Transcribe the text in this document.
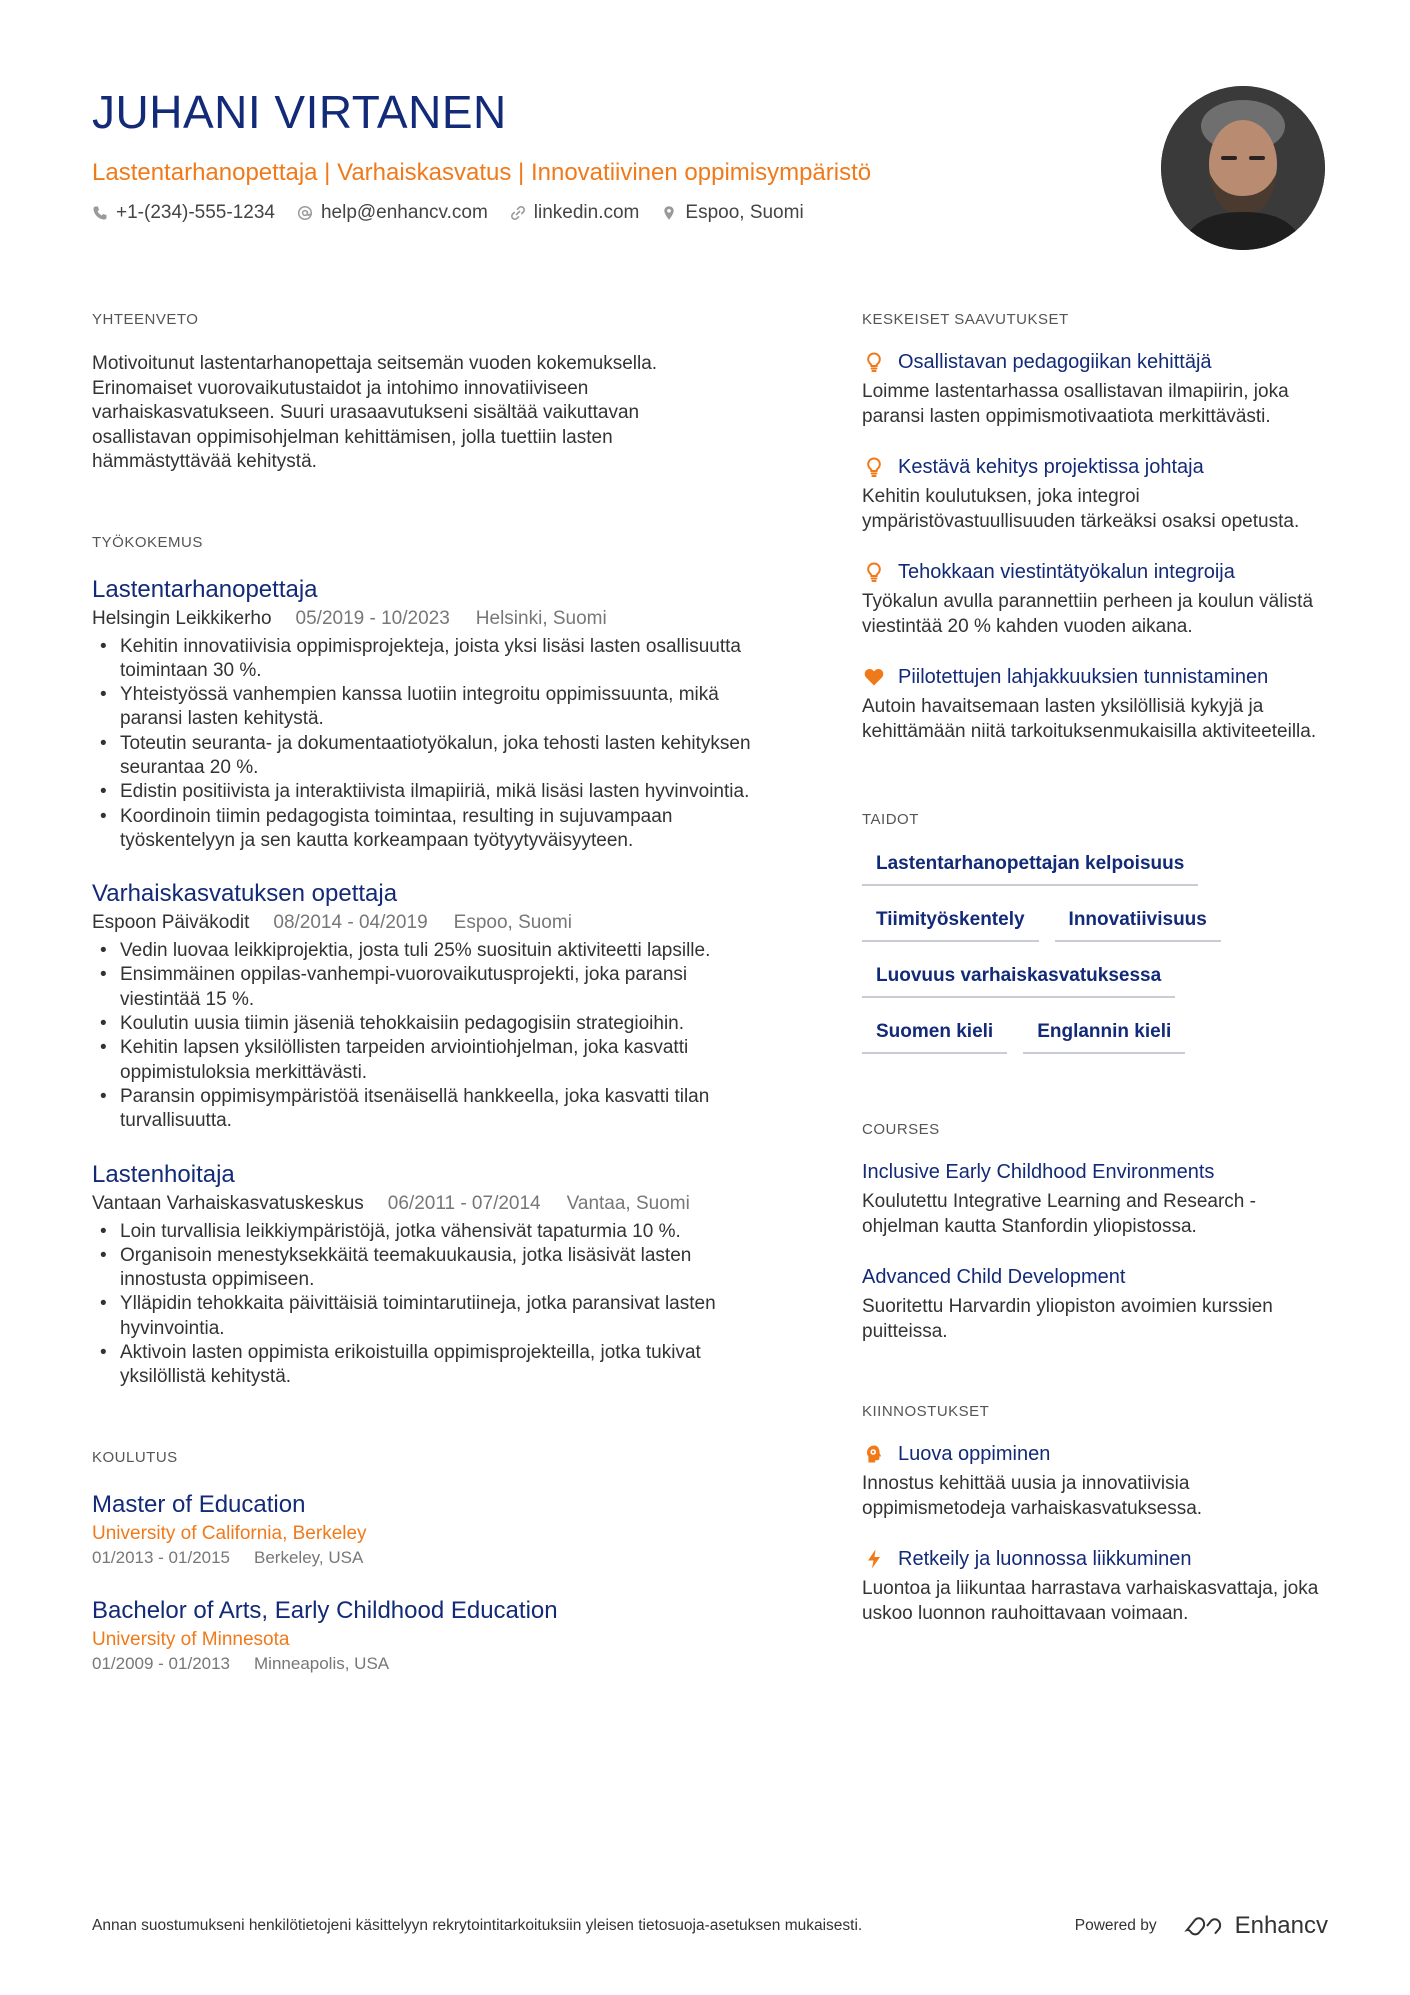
JUHANI VIRTANEN
Lastentarhanopettaja | Varhaiskasvatus | Innovatiivinen oppimisympäristö
+1-(234)-555-1234 help@enhancv.com linkedin.com Espoo, Suomi
YHTEENVETO

Motivoitunut lastentarhanopettaja seitsemän vuoden kokemuksella. Erinomaiset vuorovaikutustaidot ja intohimo innovatiiviseen varhaiskasvatukseen. Suuri urasaavutukseni sisältää vaikuttavan osallistavan oppimisohjelman kehittämisen, jolla tuettiin lasten hämmästyttävää kehitystä.

TYÖKOKEMUS
Lastentarhanopettaja
Helsingin Leikkikerho 05/2019 - 10/2023 Helsinki, Suomi
• Kehitin innovatiivisia oppimisprojekteja, joista yksi lisäsi lasten osallisuutta toimintaan 30 %.
• Yhteistyössä vanhempien kanssa luotiin integroitu oppimissuunta, mikä paransi lasten kehitystä.
• Toteutin seuranta- ja dokumentaatiotyökalun, joka tehosti lasten kehityksen seurantaa 20 %.
• Edistin positiivista ja interaktiivista ilmapiiriä, mikä lisäsi lasten hyvinvointia.
• Koordinoin tiimin pedagogista toimintaa, resulting in sujuvampaan työskentelyyn ja sen kautta korkeampaan työtyytyväisyyteen.
Varhaiskasvatuksen opettaja
Espoon Päiväkodit 08/2014 - 04/2019 Espoo, Suomi
• Vedin luovaa leikkiprojektia, josta tuli 25% suosituin aktiviteetti lapsille.
• Ensimmäinen oppilas-vanhempi-vuorovaikutusprojekti, joka paransi viestintää 15 %.
• Koulutin uusia tiimin jäseniä tehokkaisiin pedagogisiin strategioihin.
• Kehitin lapsen yksilöllisten tarpeiden arviointiohjelman, joka kasvatti oppimistuloksia merkittävästi.
• Paransin oppimisympäristöä itsenäisellä hankkeella, joka kasvatti tilan turvallisuutta.
Lastenhoitaja
Vantaan Varhaiskasvatuskeskus 06/2011 - 07/2014 Vantaa, Suomi
• Loin turvallisia leikkiympäristöjä, jotka vähensivät tapaturmia 10 %.
• Organisoin menestyksekkäitä teemakuukausia, jotka lisäsivät lasten innostusta oppimiseen.
• Ylläpidin tehokkaita päivittäisiä toimintarutiineja, jotka paransivat lasten hyvinvointia.
• Aktivoin lasten oppimista erikoistuilla oppimisprojekteilla, jotka tukivat yksilöllistä kehitystä.
KOULUTUS
Master of Education
University of California, Berkeley
01/2013 - 01/2015 Berkeley, USA
Bachelor of Arts, Early Childhood Education
University of Minnesota
01/2009 - 01/2013 Minneapolis, USA
KESKEISET SAAVUTUKSET
Osallistavan pedagogiikan kehittäjä

Loimme lastentarhassa osallistavan ilmapiirin, joka paransi lasten oppimismotivaatiota merkittävästi.

Kestävä kehitys projektissa johtaja

Kehitin koulutuksen, joka integroi ympäristövastuullisuuden tärkeäksi osaksi opetusta.

Tehokkaan viestintätyökalun integroija

Työkalun avulla parannettiin perheen ja koulun välistä viestintää 20 % kahden vuoden aikana.

Piilotettujen lahjakkuuksien tunnistaminen

Autoin havaitsemaan lasten yksilöllisiä kykyjä ja kehittämään niitä tarkoituksenmukaisilla aktiviteeteilla.

TAIDOT
Lastentarhanopettajan kelpoisuus
Tiimityöskentely	Innovatiivisuus
Luovuus varhaiskasvatuksessa
Suomen kieli	Englannin kieli
COURSES
Inclusive Early Childhood Environments

Koulutettu Integrative Learning and Research -ohjelman kautta Stanfordin yliopistossa.

Advanced Child Development

Suoritettu Harvardin yliopiston avoimien kurssien puitteissa.

KIINNOSTUKSET
Luova oppiminen

Innostus kehittää uusia ja innovatiivisia oppimismetodeja varhaiskasvatuksessa.

Retkeily ja luonnossa liikkuminen

Luontoa ja liikuntaa harrastava varhaiskasvattaja, joka uskoo luonnon rauhoittavaan voimaan.

Annan suostumukseni henkilötietojeni käsittelyyn rekrytointitarkoituksiin yleisen tietosuoja-asetuksen mukaisesti.	Powered by	Enhancv
